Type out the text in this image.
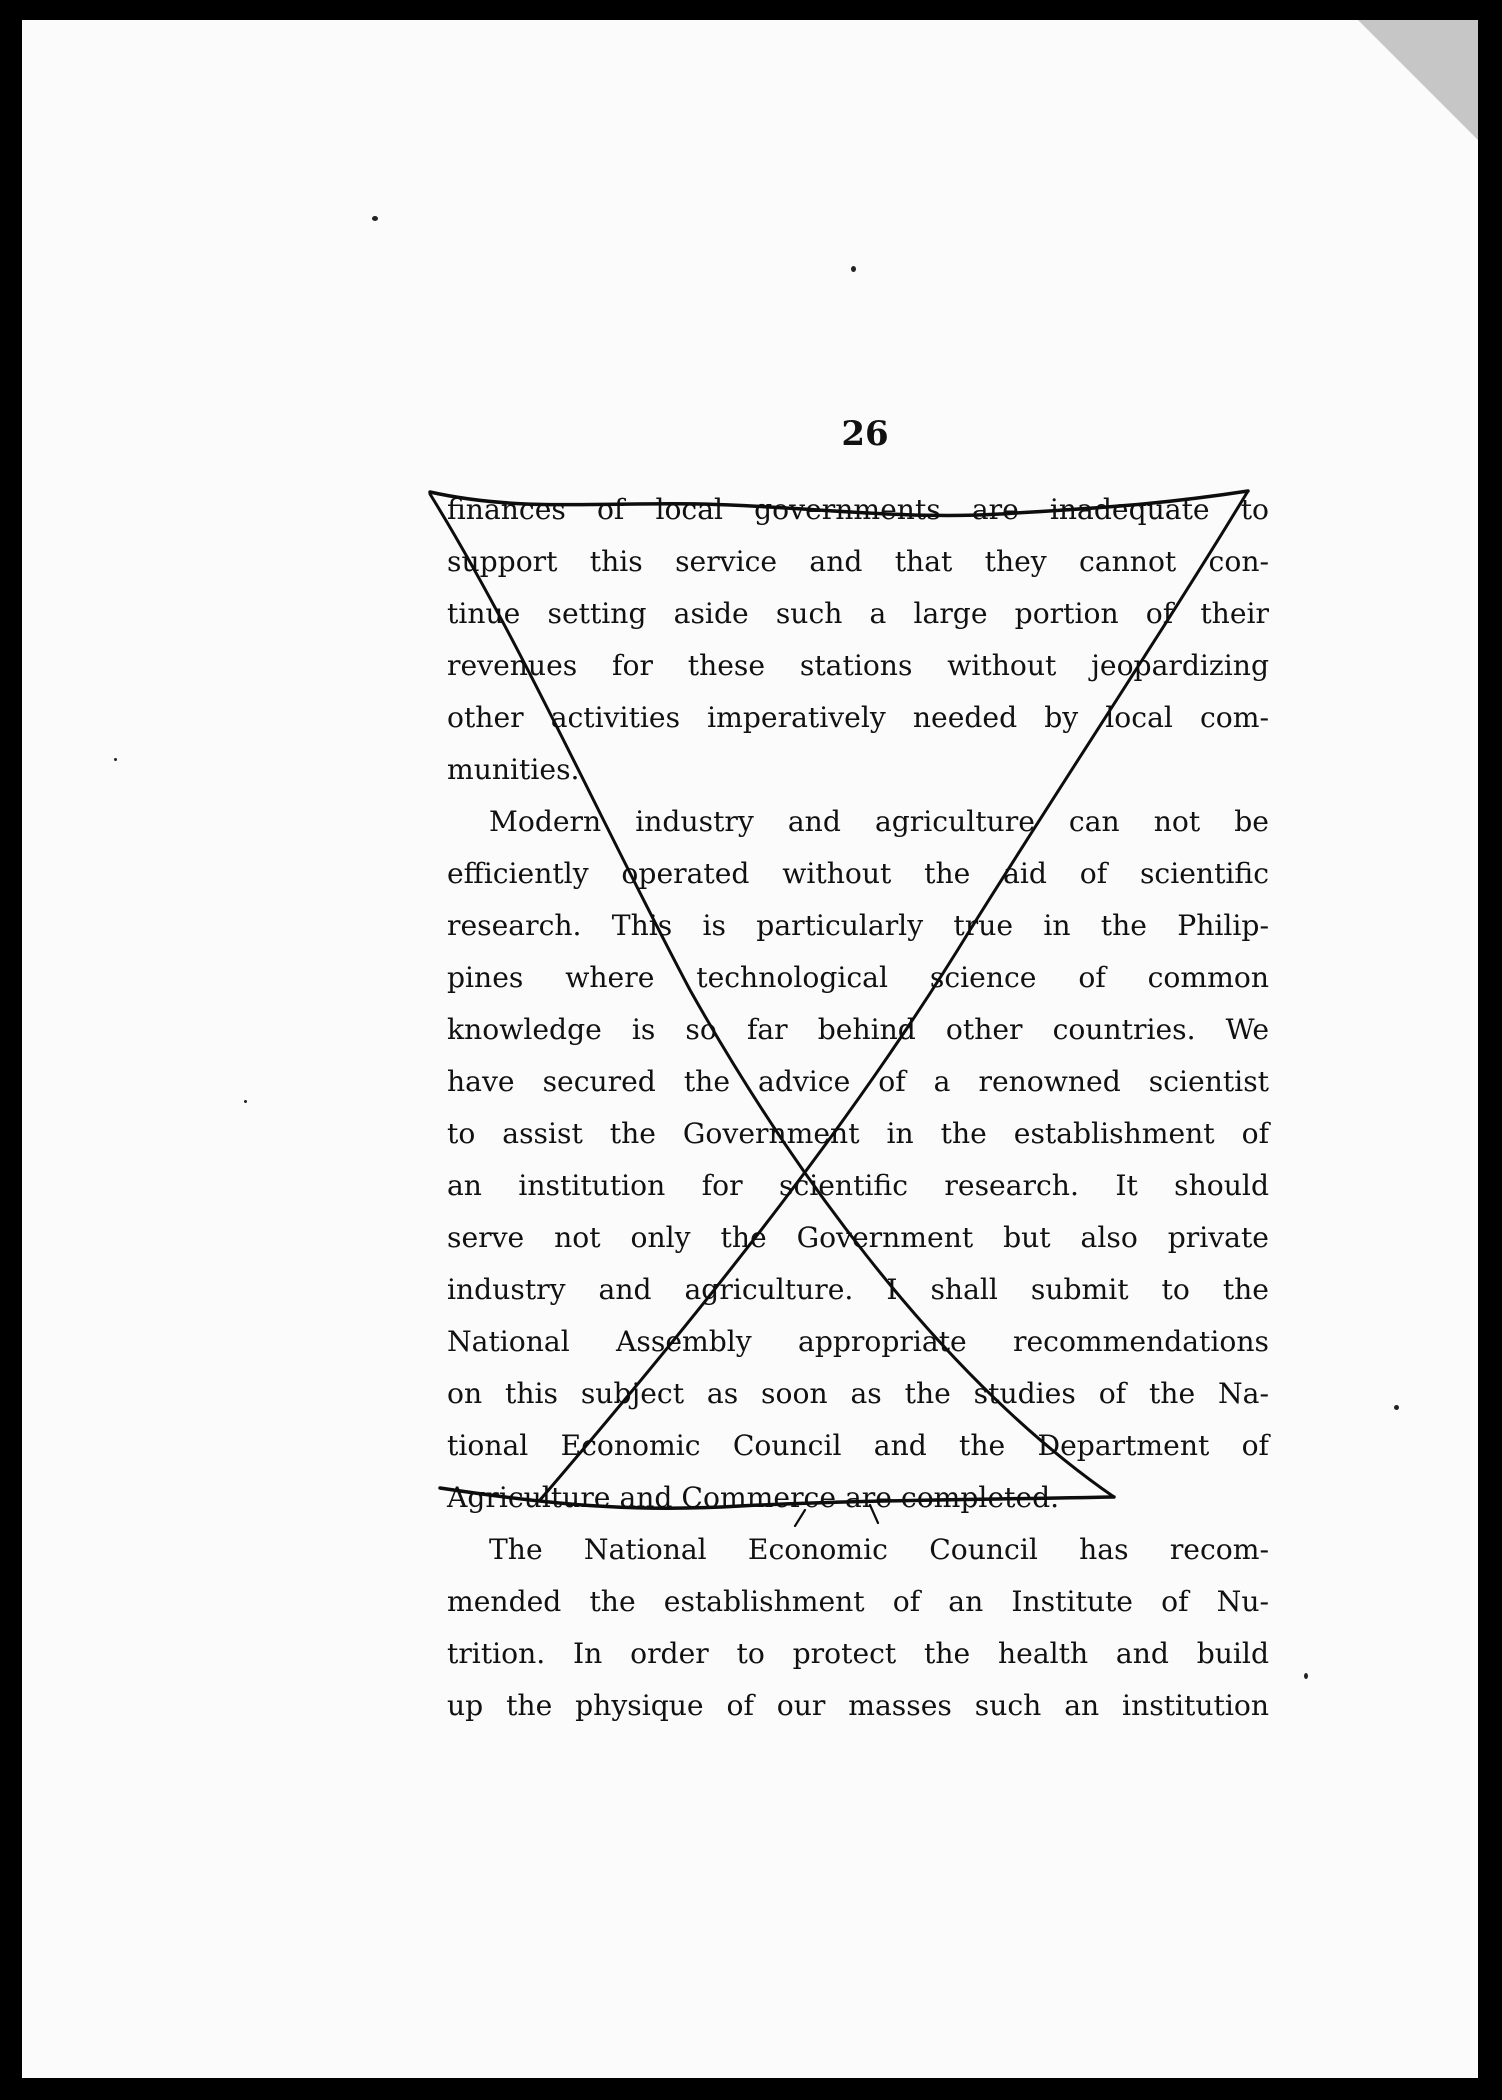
26
finances of local governments are inadequate to
support this service and that they cannot con-
tinue setting aside such a large portion of their
revenues for these stations without jeopardizing
other activities imperatively needed by local com-
munities.
Modern industry and agriculture can not be
efficiently operated without the aid of scientific
research. This is particularly true in the Philip-
pines where technological science of common
knowledge is so far behind other countries. We
have secured the advice of a renowned scientist
to assist the Government in the establishment of
an institution for scientific research. It should
serve not only the Government but also private
industry and agriculture. I shall submit to the
National Assembly appropriate recommendations
on this subject as soon as the studies of the Na-
tional Economic Council and the Department of
Agriculture and Commerce are completed.
The National Economic Council has recom-
mended the establishment of an Institute of Nu-
trition. In order to protect the health and build
up the physique of our masses such an institution
